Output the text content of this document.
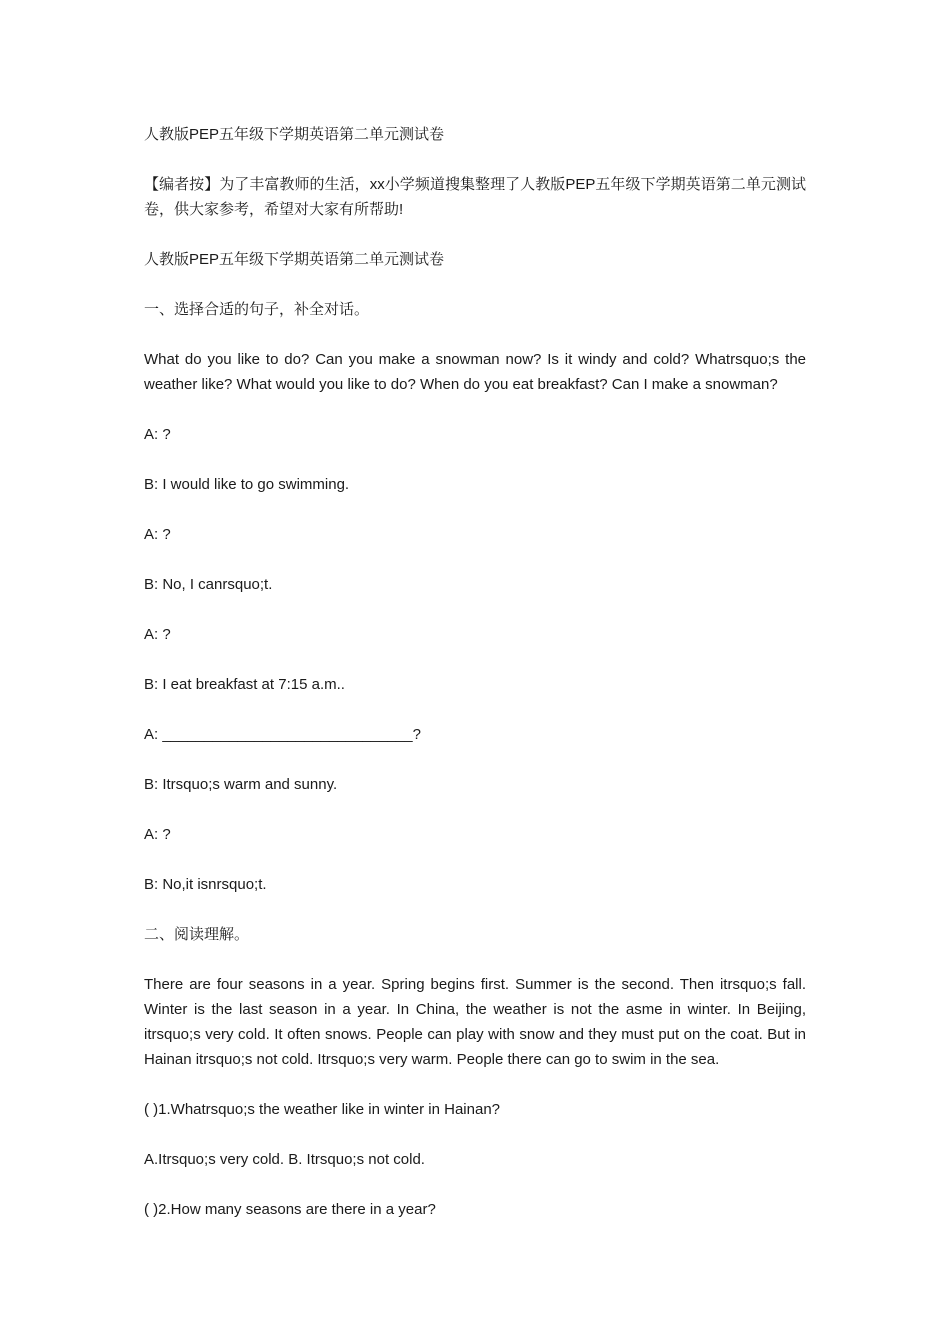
人教版PEP五年级下学期英语第二单元测试卷

【编者按】为了丰富教师的生活，xx小学频道搜集整理了人教版PEP五年级下学期英语第二单元测试卷，供大家参考，希望对大家有所帮助!

人教版PEP五年级下学期英语第二单元测试卷

一、选择合适的句子，补全对话。

What do you like to do? Can you make a snowman now? Is it windy and cold? Whatrsquo;s the weather like? What would you like to do? When do you eat breakfast? Can I make a snowman?

A: ?

B: I would like to go swimming.

A: ?

B: No, I canrsquo;t.

A: ?

B: I eat breakfast at 7:15 a.m..

A: ______________________________?

B: Itrsquo;s warm and sunny.

A: ?

B: No,it isnrsquo;t.

二、阅读理解。

There are four seasons in a year. Spring begins first. Summer is the second. Then itrsquo;s fall. Winter is the last season in a year. In China, the weather is not the asme in winter. In Beijing, itrsquo;s very cold. It often snows. People can play with snow and they must put on the coat. But in Hainan itrsquo;s not cold. Itrsquo;s very warm. People there can go to swim in the sea.

( )1.Whatrsquo;s the weather like in winter in Hainan?

A.Itrsquo;s very cold. B. Itrsquo;s not cold.

( )2.How many seasons are there in a year?
